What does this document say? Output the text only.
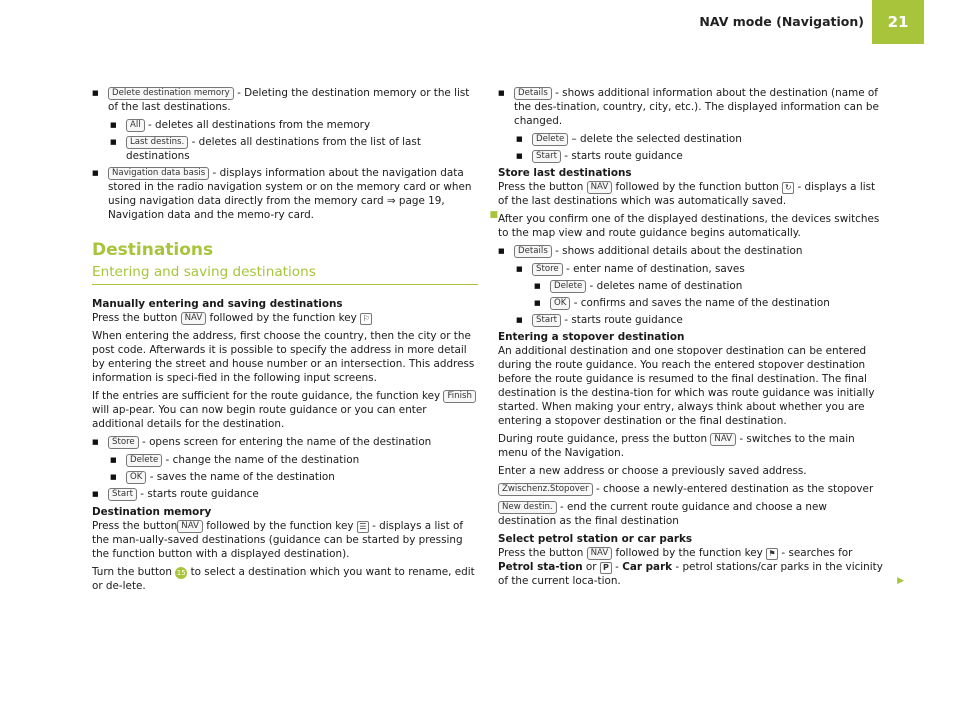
NAV mode (Navigation)	21
■ Delete destination memory - Deleting the destination memory or the list of the last destinations.
■ All - deletes all destinations from the memory
■ Last destins. - deletes all destinations from the list of last destinations
■ Navigation data basis - displays information about the navigation data stored in the radio navigation system or on the memory card or when using navigation data directly from the memory card ⇒ page 19, Navigation data and the memo-ry card.	■
Destinations
Entering and saving destinations
Manually entering and saving destinations

Press the button NAV followed by the function key ⚐

When entering the address, first choose the country, then the city or the post code. Afterwards it is possible to specify the address in more detail by entering the street and house number or an intersection. This address information is speci-fied in the following input screens.

If the entries are sufficient for the route guidance, the function key Finish will ap-pear. You can now begin route guidance or you can enter additional details for the destination.

■ Store - opens screen for entering the name of the destination
■ Delete - change the name of the destination
■ OK - saves the name of the destination
■ Start - starts route guidance
Destination memory

Press the button NAV followed by the function key ☰ - displays a list of the man-ually-saved destinations (guidance can be started by pressing the function button with a displayed destination).

Turn the button 15 to select a destination which you want to rename, edit or de-lete.

■ Details - shows additional information about the destination (name of the des-tination, country, city, etc.). The displayed information can be changed.
■ Delete – delete the selected destination
■ Start - starts route guidance
Store last destinations

Press the button NAV followed by the function button ↻ - displays a list of the last destinations which was automatically saved.

After you confirm one of the displayed destinations, the devices switches to the map view and route guidance begins automatically.

■ Details - shows additional details about the destination
■ Store - enter name of destination, saves
■ Delete - deletes name of destination
■ OK - confirms and saves the name of the destination
■ Start - starts route guidance
Entering a stopover destination

An additional destination and one stopover destination can be entered during the route guidance. You reach the entered stopover destination before the route guidance is resumed to the final destination. The final destination is the destina-tion for which was route guidance was initially started. When making your entry, always think about whether you are entering a stopover destination or the final destination.

During route guidance, press the button NAV - switches to the main menu of the Navigation.

Enter a new address or choose a previously saved address.

Zwischenz.Stopover - choose a newly-entered destination as the stopover

New destin. - end the current route guidance and choose a new destination as the final destination

Select petrol station or car parks

Press the button NAV followed by the function key ⚑ - searches for Petrol sta-tion or P - Car park - petrol stations/car parks in the vicinity of the current loca-tion.	▶
